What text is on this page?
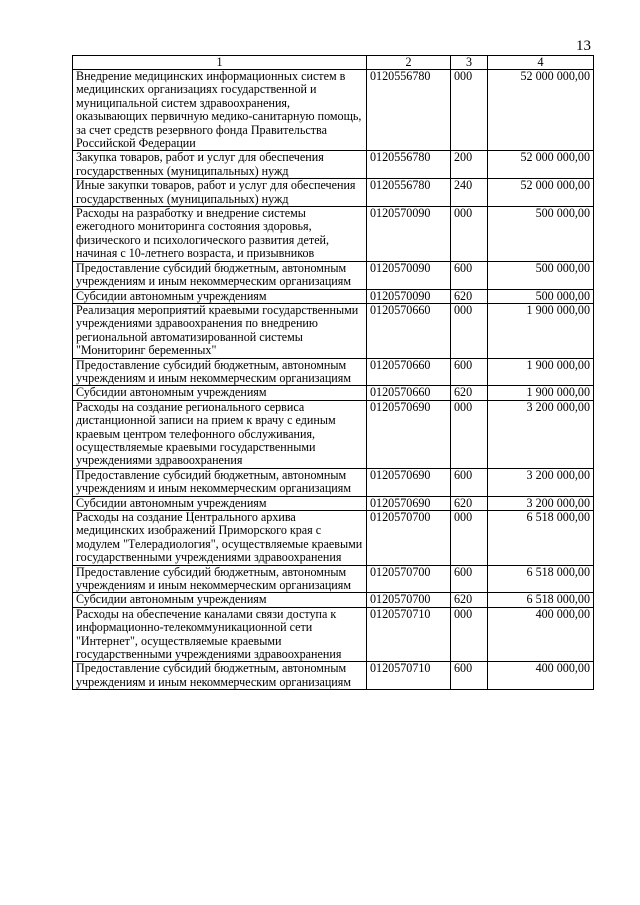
13
1	2	3	4
Внедрение медицинских информационных систем в медицинских организациях государственной и муниципальной систем здравоохранения, оказывающих первичную медико-санитарную помощь, за счет средств резервного фонда Правительства Российской Федерации	0120556780	000	52 000 000,00
Закупка товаров, работ и услуг для обеспечения государственных (муниципальных) нужд	0120556780	200	52 000 000,00
Иные закупки товаров, работ и услуг для обеспечения государственных (муниципальных) нужд	0120556780	240	52 000 000,00
Расходы на разработку и внедрение системы ежегодного мониторинга состояния здоровья, физического и психологического развития детей, начиная с 10-летнего возраста, и призывников	0120570090	000	500 000,00
Предоставление субсидий бюджетным, автономным учреждениям и иным некоммерческим организациям	0120570090	600	500 000,00
Субсидии автономным учреждениям	0120570090	620	500 000,00
Реализация мероприятий краевыми государственными учреждениями здравоохранения по внедрению региональной автоматизированной системы "Мониторинг беременных"	0120570660	000	1 900 000,00
Предоставление субсидий бюджетным, автономным учреждениям и иным некоммерческим организациям	0120570660	600	1 900 000,00
Субсидии автономным учреждениям	0120570660	620	1 900 000,00
Расходы на создание регионального сервиса дистанционной записи на прием к врачу с единым краевым центром телефонного обслуживания, осуществляемые краевыми государственными учреждениями здравоохранения	0120570690	000	3 200 000,00
Предоставление субсидий бюджетным, автономным учреждениям и иным некоммерческим организациям	0120570690	600	3 200 000,00
Субсидии автономным учреждениям	0120570690	620	3 200 000,00
Расходы на создание Центрального архива медицинских изображений Приморского края с модулем "Телерадиология", осуществляемые краевыми государственными учреждениями здравоохранения	0120570700	000	6 518 000,00
Предоставление субсидий бюджетным, автономным учреждениям и иным некоммерческим организациям	0120570700	600	6 518 000,00
Субсидии автономным учреждениям	0120570700	620	6 518 000,00
Расходы на обеспечение каналами связи доступа к информационно-телекоммуникационной сети "Интернет", осуществляемые краевыми государственными учреждениями здравоохранения	0120570710	000	400 000,00
Предоставление субсидий бюджетным, автономным учреждениям и иным некоммерческим организациям	0120570710	600	400 000,00
